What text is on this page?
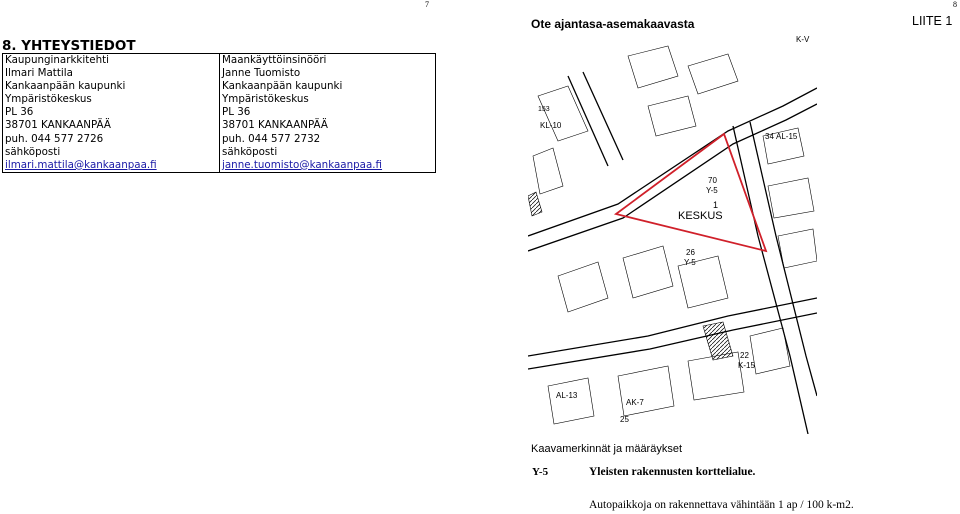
7	8
8. YHTEYSTIEDOT
Kaupunginarkkitehti
Ilmari Mattila
Kankaanpään kaupunki
Ympäristökeskus
PL 36
38701 KANKAANPÄÄ
puh. 044 577 2726
sähköposti
ilmari.mattila@kankaanpaa.fi
Maankäyttöinsinööri
Janne Tuomisto
Kankaanpään kaupunki
Ympäristökeskus
PL 36
38701 KANKAANPÄÄ
puh. 044 577 2732
sähköposti
janne.tuomisto@kankaanpaa.fi
Ote ajantasa-asemakaavasta	LIITE 1
70
Y-5
1
KESKUS
26
Y-5
KL-10
AL-15
34
22
K-15
AK-7
25
AL-13
K-V
153
Kaavamerkinnät ja määräykset
Y-5	Yleisten rakennusten korttelialue.
Autopaikkoja on rakennettava vähintään 1 ap / 100 k-m2.
